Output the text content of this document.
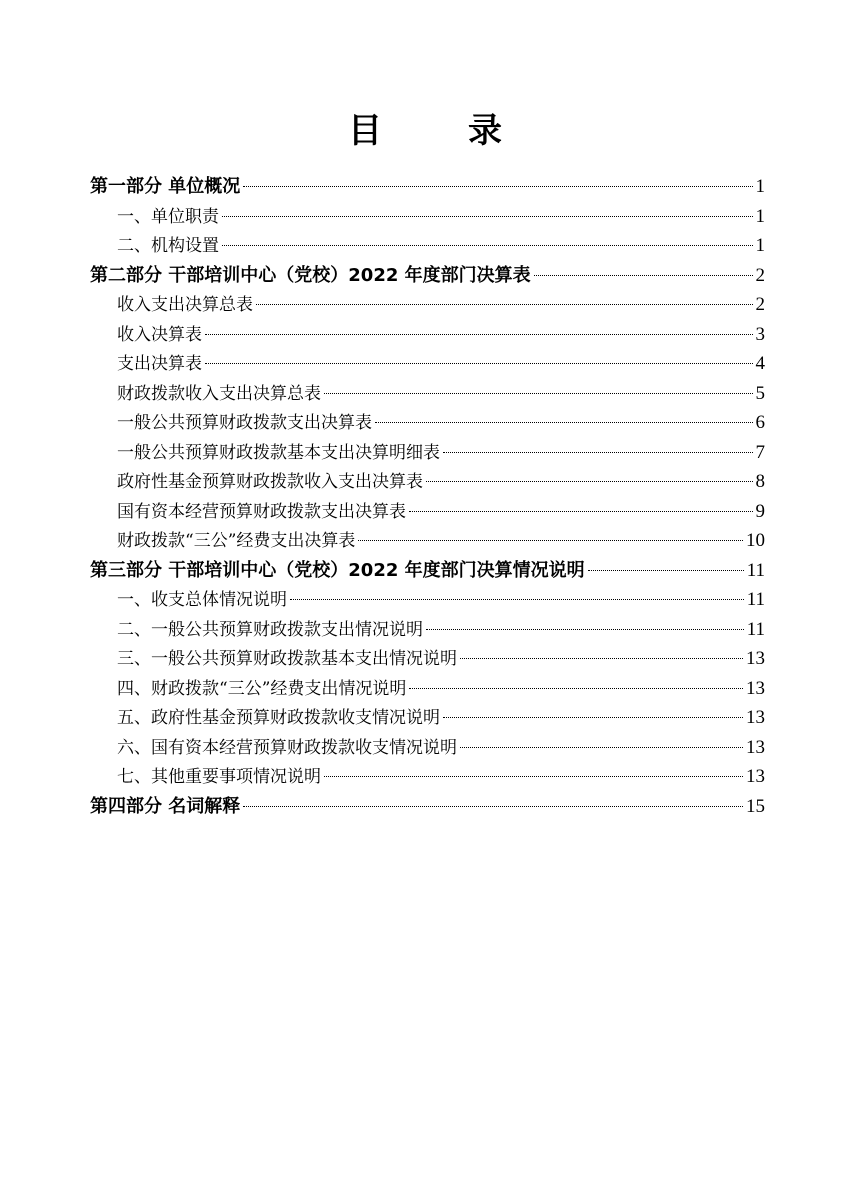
目　录
第一部分 单位概况	1
一、单位职责	1
二、机构设置	1
第二部分 干部培训中心（党校）2022 年度部门决算表	2
收入支出决算总表	2
收入决算表	3
支出决算表	4
财政拨款收入支出决算总表	5
一般公共预算财政拨款支出决算表	6
一般公共预算财政拨款基本支出决算明细表	7
政府性基金预算财政拨款收入支出决算表	8
国有资本经营预算财政拨款支出决算表	9
财政拨款“三公”经费支出决算表	10
第三部分 干部培训中心（党校）2022 年度部门决算情况说明	11
一、收支总体情况说明	11
二、一般公共预算财政拨款支出情况说明	11
三、一般公共预算财政拨款基本支出情况说明	13
四、财政拨款“三公”经费支出情况说明	13
五、政府性基金预算财政拨款收支情况说明	13
六、国有资本经营预算财政拨款收支情况说明	13
七、其他重要事项情况说明	13
第四部分 名词解释	15
